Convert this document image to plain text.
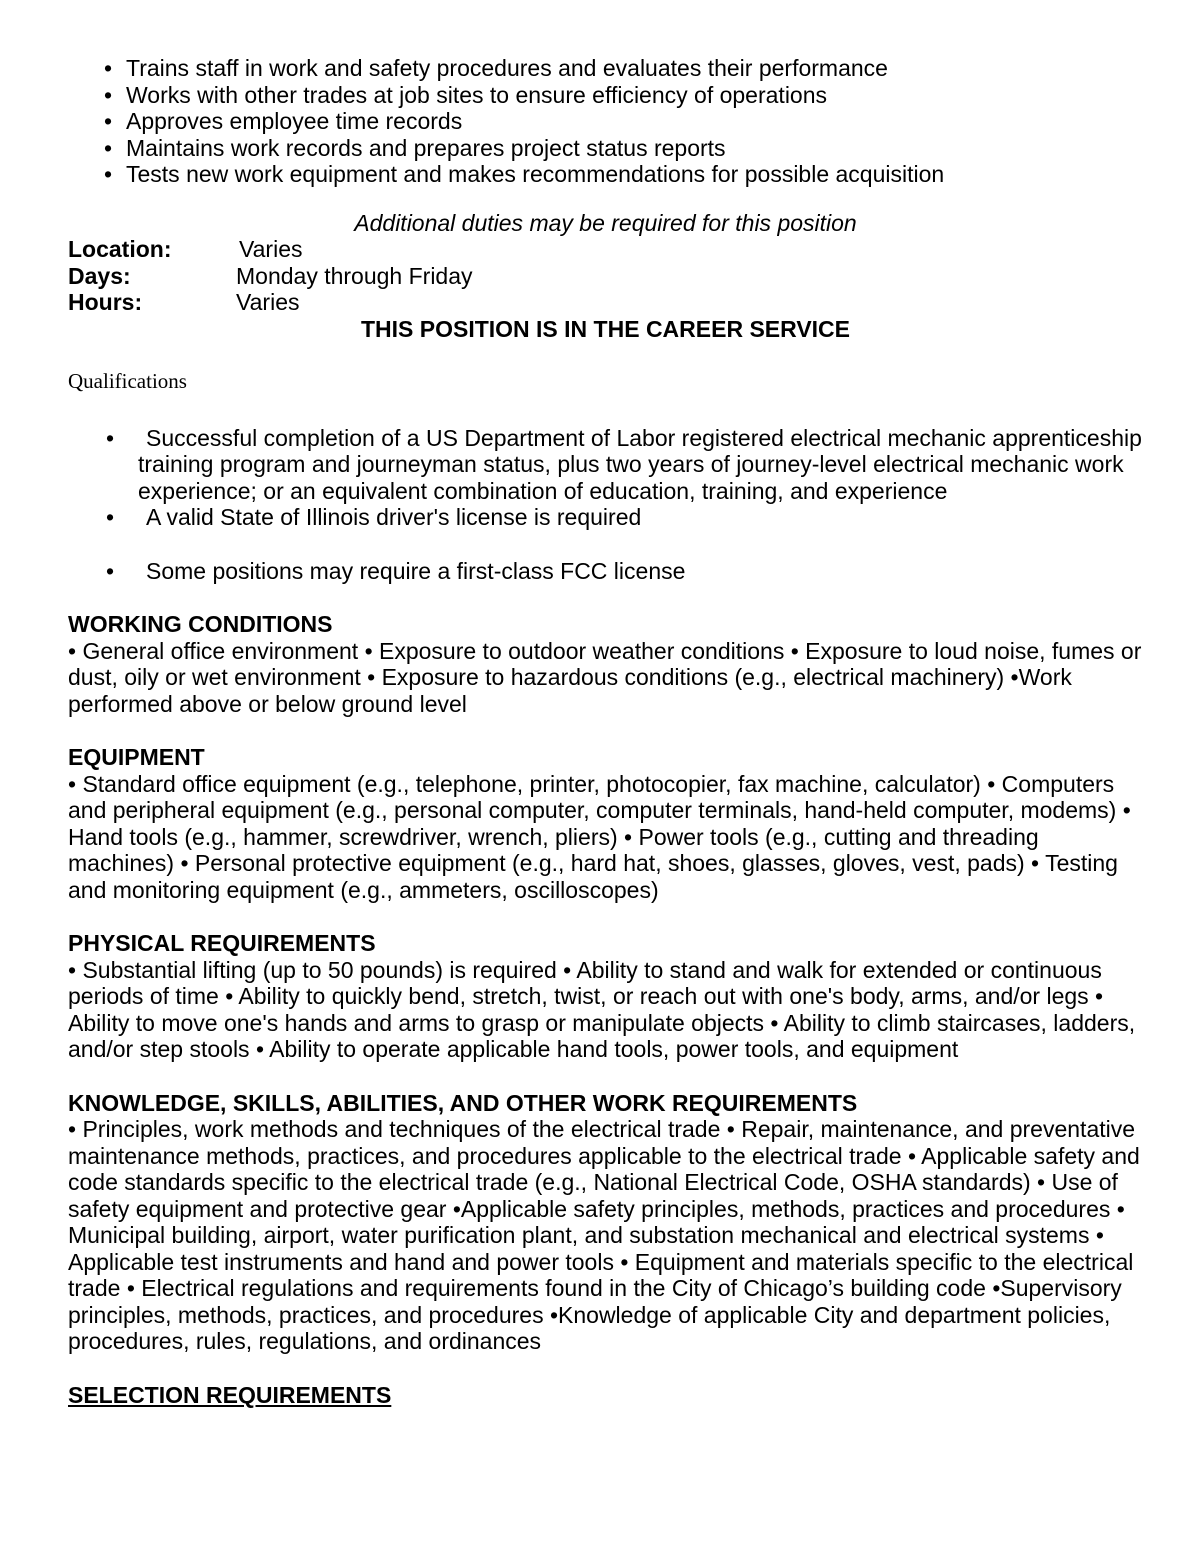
• Trains staff in work and safety procedures and evaluates their performance
• Works with other trades at job sites to ensure efficiency of operations
• Approves employee time records
• Maintains work records and prepares project status reports
• Tests new work equipment and makes recommendations for possible acquisition
Additional duties may be required for this position
Location:	Varies
Days:	Monday through Friday
Hours:	Varies
THIS POSITION IS IN THE CAREER SERVICE
Qualifications
• Successful completion of a US Department of Labor registered electrical mechanic apprenticeship training program and journeyman status, plus two years of journey-level electrical mechanic work experience; or an equivalent combination of education, training, and experience
• A valid State of Illinois driver's license is required
• Some positions may require a first-class FCC license
WORKING CONDITIONS

• General office environment • Exposure to outdoor weather conditions • Exposure to loud noise, fumes or dust, oily or wet environment • Exposure to hazardous conditions (e.g., electrical machinery) •Work performed above or below ground level

EQUIPMENT

• Standard office equipment (e.g., telephone, printer, photocopier, fax machine, calculator) • Computers and peripheral equipment (e.g., personal computer, computer terminals, hand-held computer, modems) • Hand tools (e.g., hammer, screwdriver, wrench, pliers) • Power tools (e.g., cutting and threading machines) • Personal protective equipment (e.g., hard hat, shoes, glasses, gloves, vest, pads) • Testing and monitoring equipment (e.g., ammeters, oscilloscopes)

PHYSICAL REQUIREMENTS

• Substantial lifting (up to 50 pounds) is required • Ability to stand and walk for extended or continuous periods of time • Ability to quickly bend, stretch, twist, or reach out with one's body, arms, and/or legs • Ability to move one's hands and arms to grasp or manipulate objects • Ability to climb staircases, ladders, and/or step stools • Ability to operate applicable hand tools, power tools, and equipment

KNOWLEDGE, SKILLS, ABILITIES, AND OTHER WORK REQUIREMENTS

• Principles, work methods and techniques of the electrical trade • Repair, maintenance, and preventative maintenance methods, practices, and procedures applicable to the electrical trade • Applicable safety and code standards specific to the electrical trade (e.g., National Electrical Code, OSHA standards) • Use of safety equipment and protective gear •Applicable safety principles, methods, practices and procedures • Municipal building, airport, water purification plant, and substation mechanical and electrical systems • Applicable test instruments and hand and power tools • Equipment and materials specific to the electrical trade • Electrical regulations and requirements found in the City of Chicago’s building code •Supervisory principles, methods, practices, and procedures •Knowledge of applicable City and department policies, procedures, rules, regulations, and ordinances

SELECTION REQUIREMENTS
